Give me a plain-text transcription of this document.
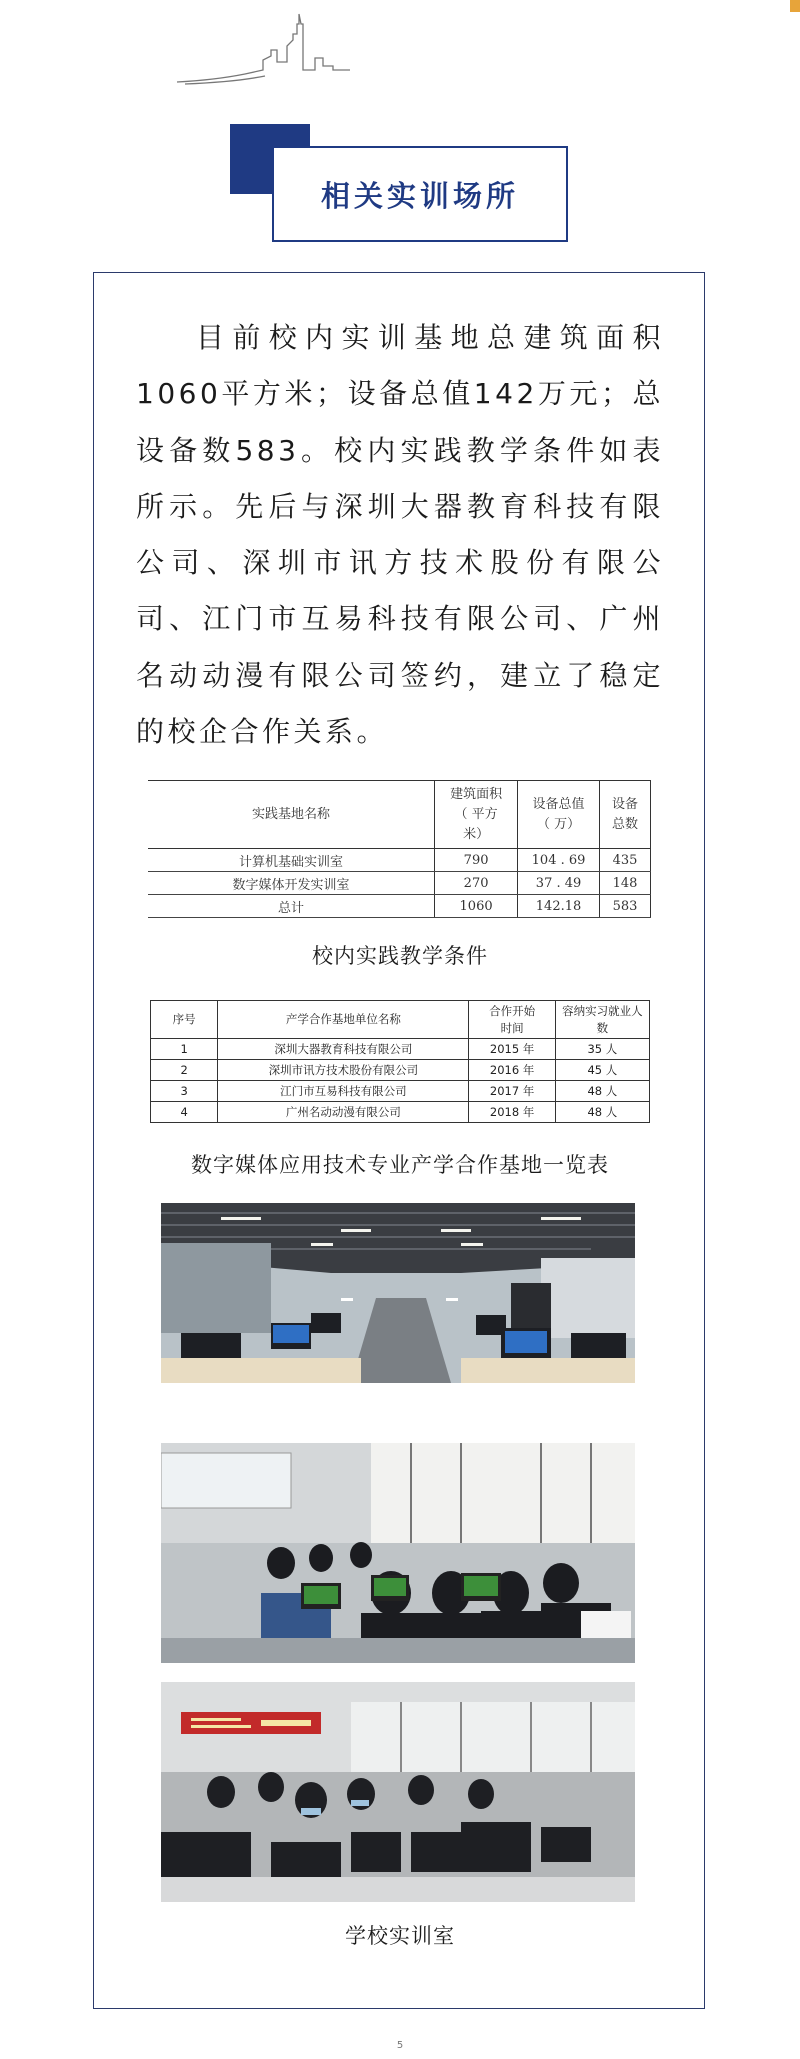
相关实训场所

目前校内实训基地总建筑面积1060平方米；设备总值142万元；总设备数583。校内实践教学条件如表所示。先后与深圳大器教育科技有限公司、深圳市讯方技术股份有限公司、江门市互易科技有限公司、广州名动动漫有限公司签约，建立了稳定的校企合作关系。

实践基地名称	建筑面积（ 平方米）	设备总值（ 万）	设备总数
计算机基础实训室	790	104 . 69	435
数字媒体开发实训室	270	37 . 49	148
总计	1060	142.18	583

校内实践教学条件

序号	产学合作基地单位名称	合作开始时间	容纳实习就业人数
1	深圳大器教育科技有限公司	2015 年	35 人
2	深圳市讯方技术股份有限公司	2016 年	45 人
3	江门市互易科技有限公司	2017 年	48 人
4	广州名动动漫有限公司	2018 年	48 人

数字媒体应用技术专业产学合作基地一览表

学校实训室

5
